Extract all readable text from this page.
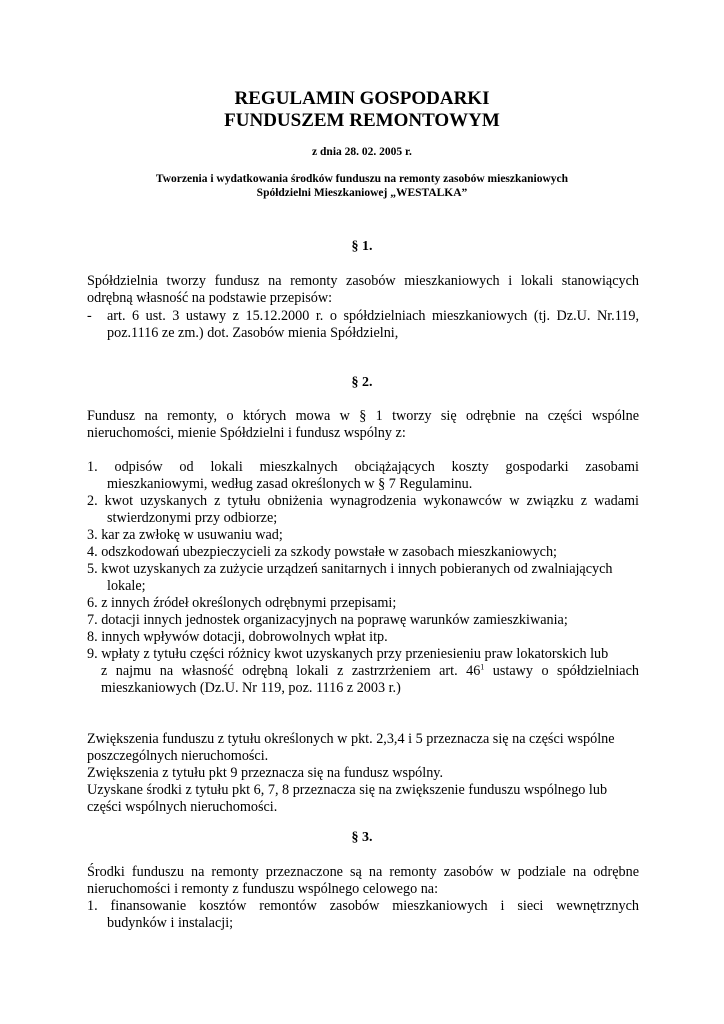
REGULAMIN GOSPODARKI
FUNDUSZEM REMONTOWYM
z dnia 28. 02. 2005 r.
Tworzenia i wydatkowania środków funduszu na remonty zasobów mieszkaniowych
Spółdzielni Mieszkaniowej „WESTALKA”
§ 1.
Spółdzielnia tworzy fundusz na remonty zasobów mieszkaniowych i lokali stanowiących
odrębną własność na podstawie przepisów:
- art. 6 ust. 3 ustawy z 15.12.2000 r. o spółdzielniach mieszkaniowych (tj. Dz.U. Nr.119,
poz.1116 ze zm.) dot. Zasobów mienia Spółdzielni,
§ 2.
Fundusz na remonty, o których mowa w § 1 tworzy się odrębnie na części wspólne
nieruchomości, mienie Spółdzielni i fundusz wspólny z:
1. odpisów od lokali mieszkalnych obciążających koszty gospodarki zasobami
mieszkaniowymi, według zasad określonych w § 7 Regulaminu.
2. kwot uzyskanych z tytułu obniżenia wynagrodzenia wykonawców w związku z wadami
stwierdzonymi przy odbiorze;
3. kar za zwłokę w usuwaniu wad;
4. odszkodowań ubezpieczycieli za szkody powstałe w zasobach mieszkaniowych;
5. kwot uzyskanych za zużycie urządzeń sanitarnych i innych pobieranych od zwalniających
lokale;
6. z innych źródeł określonych odrębnymi przepisami;
7. dotacji innych jednostek organizacyjnych na poprawę warunków zamieszkiwania;
8. innych wpływów dotacji, dobrowolnych wpłat itp.
9. wpłaty z tytułu części różnicy kwot uzyskanych przy przeniesieniu praw lokatorskich lub
z najmu na własność odrębną lokali z zastrzrżeniem art. $46^1$ ustawy o spółdzielniach
mieszkaniowych (Dz.U. Nr 119, poz. 1116 z 2003 r.)
Zwiększenia funduszu z tytułu określonych w pkt. 2,3,4 i 5 przeznacza się na części wspólne
poszczególnych nieruchomości.
Zwiększenia z tytułu pkt 9 przeznacza się na fundusz wspólny.
Uzyskane środki z tytułu pkt 6, 7, 8 przeznacza się na zwiększenie funduszu wspólnego lub
części wspólnych nieruchomości.
§ 3.
Środki funduszu na remonty przeznaczone są na remonty zasobów w podziale na odrębne
nieruchomości i remonty z funduszu wspólnego celowego na:
1. finansowanie kosztów remontów zasobów mieszkaniowych i sieci wewnętrznych
budynków i instalacji;
